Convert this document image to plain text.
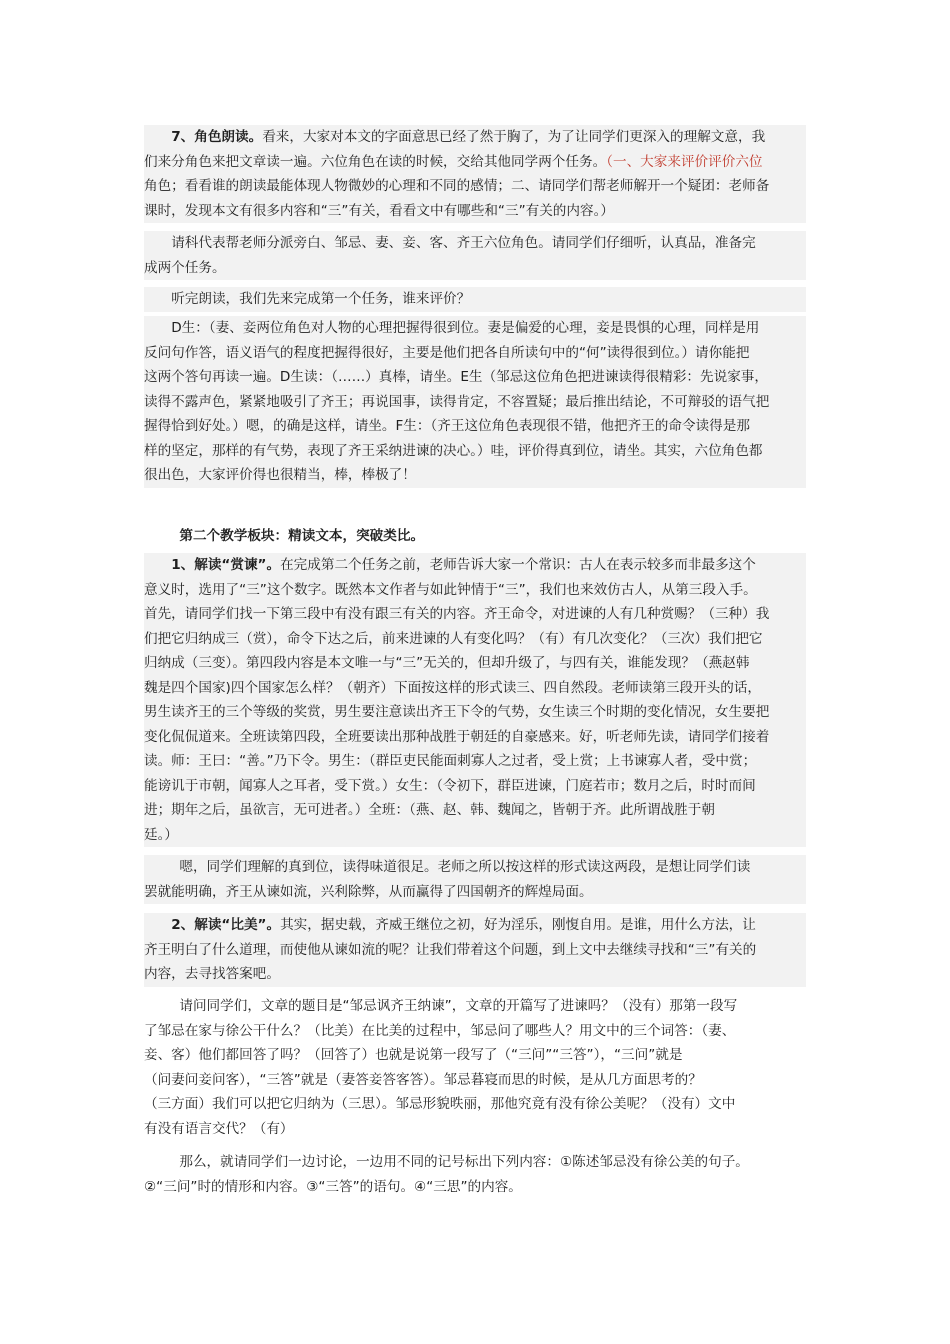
7、角色朗读。看来，大家对本文的字面意思已经了然于胸了，为了让同学们更深入的理解文意，我
们来分角色来把文章读一遍。六位角色在读的时候，交给其他同学两个任务。（一、大家来评价评价六位
角色；看看谁的朗读最能体现人物微妙的心理和不同的感情；二、请同学们帮老师解开一个疑团：老师备
课时，发现本文有很多内容和“三”有关，看看文中有哪些和“三”有关的内容。）
请科代表帮老师分派旁白、邹忌、妻、妾、客、齐王六位角色。请同学们仔细听，认真品，准备完
成两个任务。
听完朗读，我们先来完成第一个任务，谁来评价？
D生：（妻、妾两位角色对人物的心理把握得很到位。妻是偏爱的心理，妾是畏惧的心理，同样是用
反问句作答，语义语气的程度把握得很好，主要是他们把各自所读句中的“何”读得很到位。）请你能把
这两个答句再读一遍。D生读：（……）真棒，请坐。E生（邹忌这位角色把进谏读得很精彩：先说家事，
读得不露声色，紧紧地吸引了齐王；再说国事，读得肯定，不容置疑；最后推出结论，不可辩驳的语气把
握得恰到好处。）嗯，的确是这样，请坐。F生：（齐王这位角色表现很不错，他把齐王的命令读得是那
样的坚定，那样的有气势，表现了齐王采纳进谏的决心。）哇，评价得真到位，请坐。其实，六位角色都
很出色，大家评价得也很精当，棒，棒极了！
第二个教学板块：精读文本，突破类比。
1、解读“赏谏”。在完成第二个任务之前，老师告诉大家一个常识：古人在表示较多而非最多这个
意义时，选用了“三”这个数字。既然本文作者与如此钟情于“三”，我们也来效仿古人，从第三段入手。
首先，请同学们找一下第三段中有没有跟三有关的内容。齐王命令，对进谏的人有几种赏赐？（三种）我
们把它归纳成三（赏），命令下达之后，前来进谏的人有变化吗？（有）有几次变化？（三次）我们把它
归纳成（三变）。第四段内容是本文唯一与“三”无关的，但却升级了，与四有关，谁能发现？（燕赵韩
魏是四个国家)四个国家怎么样？（朝齐）下面按这样的形式读三、四自然段。老师读第三段开头的话，
男生读齐王的三个等级的奖赏，男生要注意读出齐王下令的气势，女生读三个时期的变化情况，女生要把
变化侃侃道来。全班读第四段，全班要读出那种战胜于朝廷的自豪感来。好，听老师先读，请同学们接着
读。师：王曰：“善。”乃下令。男生：（群臣吏民能面刺寡人之过者，受上赏；上书谏寡人者，受中赏；
能谤讥于市朝，闻寡人之耳者，受下赏。）女生：（令初下，群臣进谏，门庭若市；数月之后，时时而间
进；期年之后，虽欲言，无可进者。）全班：（燕、赵、韩、魏闻之，皆朝于齐。此所谓战胜于朝
廷。）
嗯，同学们理解的真到位，读得味道很足。老师之所以按这样的形式读这两段，是想让同学们读
罢就能明确，齐王从谏如流，兴利除弊，从而赢得了四国朝齐的辉煌局面。
2、解读“比美”。其实，据史载，齐威王继位之初，好为淫乐，刚愎自用。是谁，用什么方法，让
齐王明白了什么道理，而使他从谏如流的呢？让我们带着这个问题，到上文中去继续寻找和“三”有关的
内容，去寻找答案吧。
请问同学们，文章的题目是“邹忌讽齐王纳谏”，文章的开篇写了进谏吗？（没有）那第一段写
了邹忌在家与徐公干什么？（比美）在比美的过程中，邹忌问了哪些人？用文中的三个词答：（妻、
妾、客）他们都回答了吗？（回答了）也就是说第一段写了（“三问”“三答”），“三问”就是
（问妻问妾问客），“三答”就是（妻答妾答客答）。邹忌暮寝而思的时候，是从几方面思考的？
（三方面）我们可以把它归纳为（三思）。邹忌形貌昳丽，那他究竟有没有徐公美呢？（没有）文中
有没有语言交代？（有）
那么，就请同学们一边讨论，一边用不同的记号标出下列内容：①陈述邹忌没有徐公美的句子。
②“三问”时的情形和内容。③“三答”的语句。④“三思”的内容。
